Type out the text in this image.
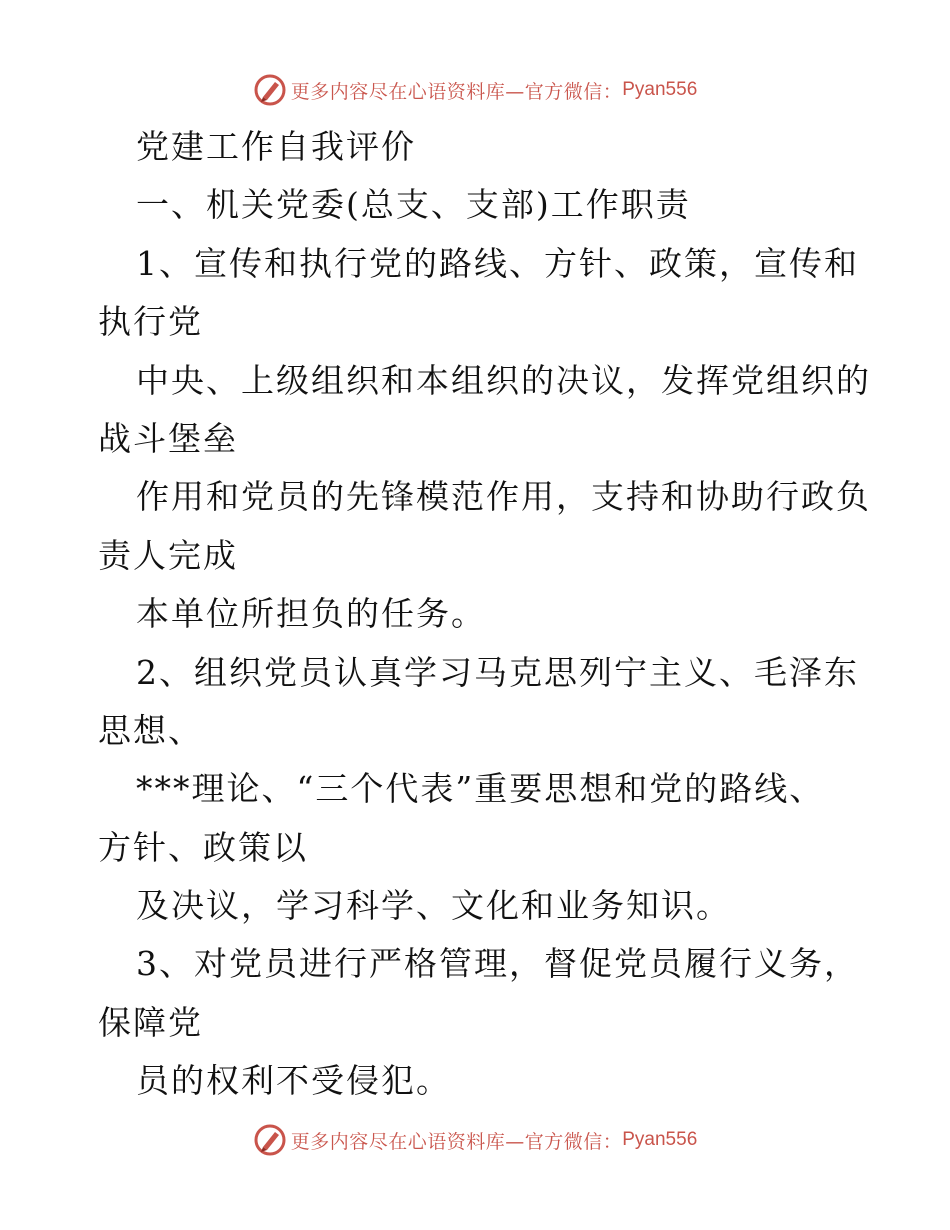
更多内容尽在心语资料库—官方微信： Pyan556
党建工作自我评价
一、机关党委(总支、支部)工作职责
1、宣传和执行党的路线、方针、政策，宣传和
执行党
中央、上级组织和本组织的决议，发挥党组织的
战斗堡垒
作用和党员的先锋模范作用，支持和协助行政负
责人完成
本单位所担负的任务。
2、组织党员认真学习马克思列宁主义、毛泽东
思想、
***理论、“三个代表”重要思想和党的路线、
方针、政策以
及决议，学习科学、文化和业务知识。
3、对党员进行严格管理，督促党员履行义务，
保障党
员的权利不受侵犯。
更多内容尽在心语资料库—官方微信： Pyan556
